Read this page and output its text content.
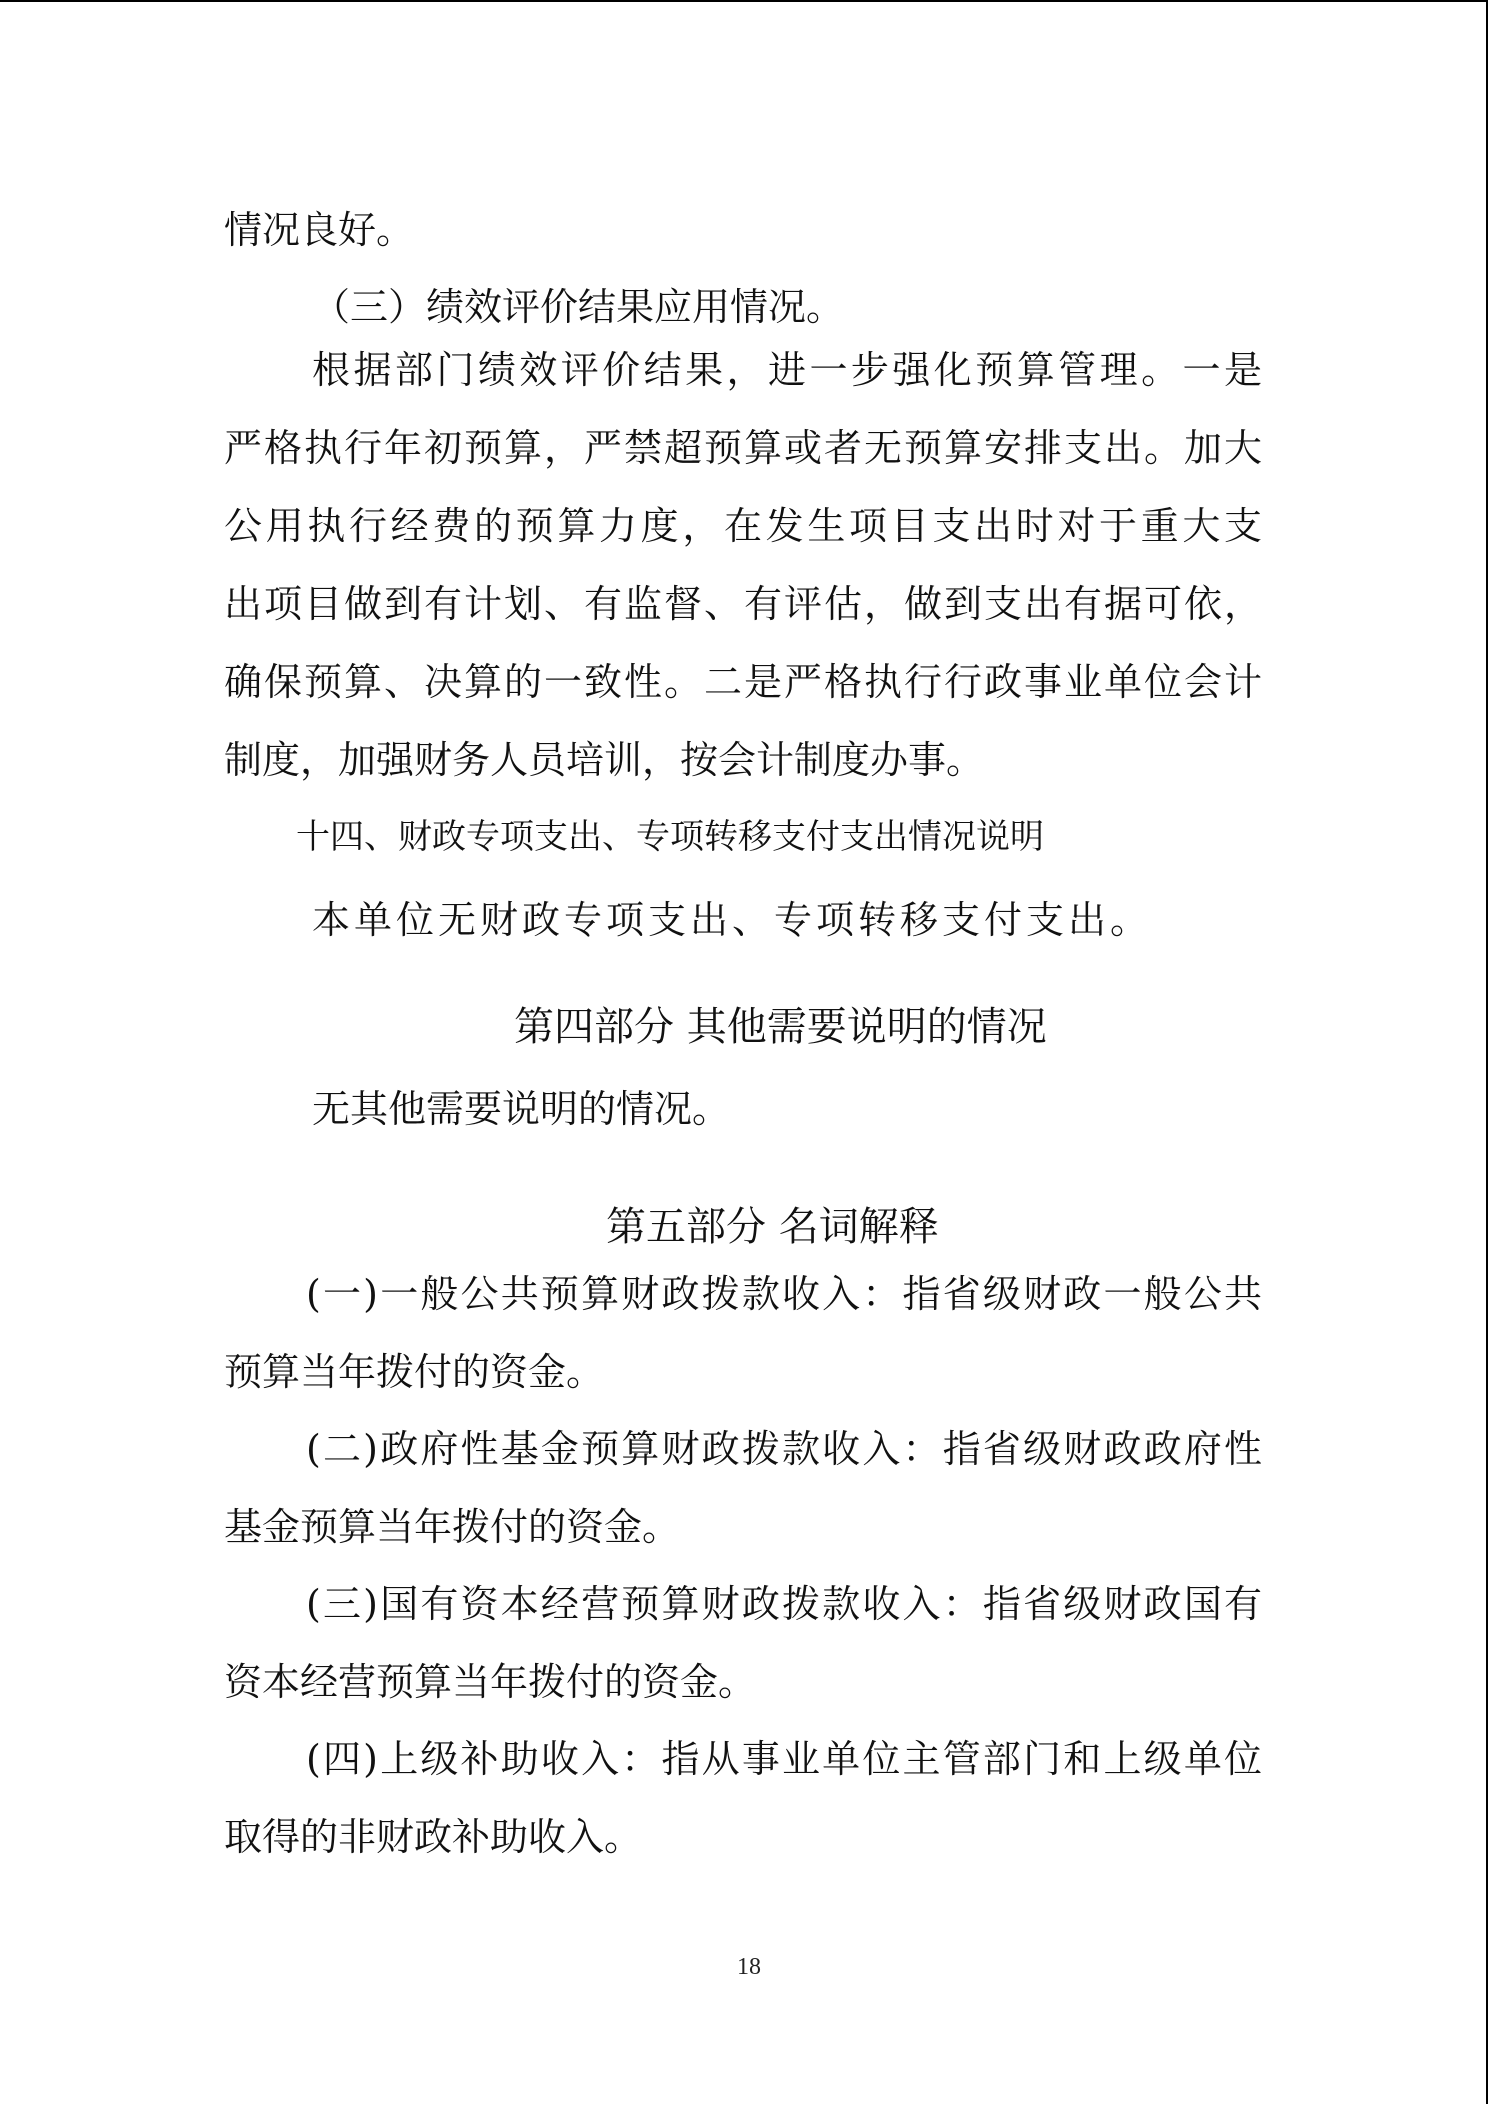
情况良好。
（三）绩效评价结果应用情况。
根据部门绩效评价结果，进一步强化预算管理。一是
严格执行年初预算，严禁超预算或者无预算安排支出。加大
公用执行经费的预算力度，在发生项目支出时对于重大支
出项目做到有计划、有监督、有评估，做到支出有据可依，
确保预算、决算的一致性。二是严格执行行政事业单位会计
制度，加强财务人员培训，按会计制度办事。
十四、财政专项支出、专项转移支付支出情况说明
本单位无财政专项支出、专项转移支付支出。
第四部分 其他需要说明的情况
无其他需要说明的情况。
第五部分 名词解释
(一)一般公共预算财政拨款收入：指省级财政一般公共
预算当年拨付的资金。
(二)政府性基金预算财政拨款收入：指省级财政政府性
基金预算当年拨付的资金。
(三)国有资本经营预算财政拨款收入：指省级财政国有
资本经营预算当年拨付的资金。
(四)上级补助收入：指从事业单位主管部门和上级单位
取得的非财政补助收入。
18
